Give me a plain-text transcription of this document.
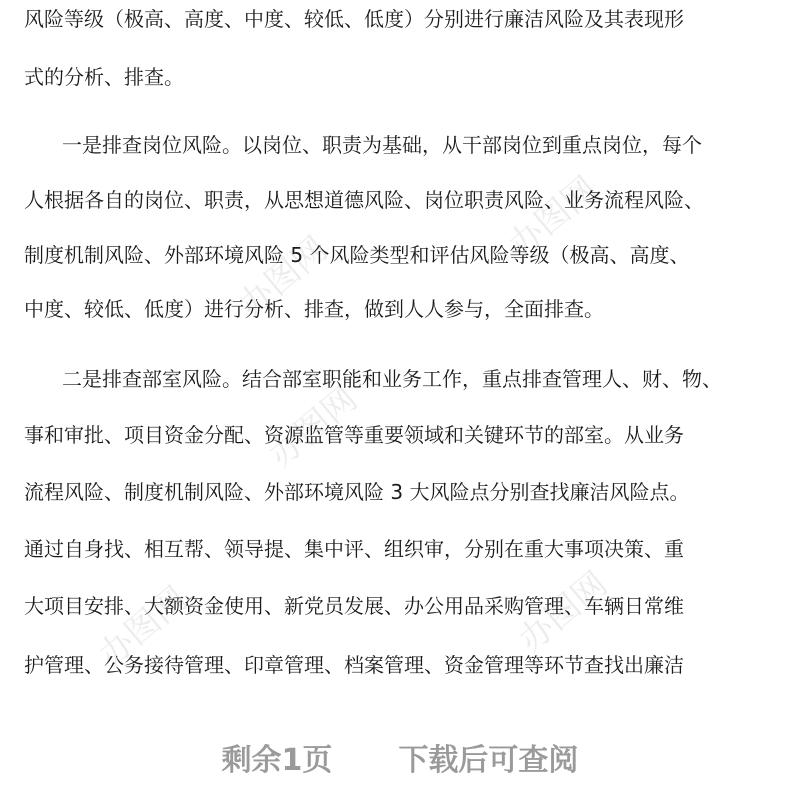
办图网
办图网
办图网
办图网
办图网
风险等级（极高、高度、中度、较低、低度）分别进行廉洁风险及其表现形
式的分析、排查。
一是排查岗位风险。以岗位、职责为基础，从干部岗位到重点岗位，每个
人根据各自的岗位、职责，从思想道德风险、岗位职责风险、业务流程风险、
制度机制风险、外部环境风险 5 个风险类型和评估风险等级（极高、高度、
中度、较低、低度）进行分析、排查，做到人人参与，全面排查。
二是排查部室风险。结合部室职能和业务工作，重点排查管理人、财、物、
事和审批、项目资金分配、资源监管等重要领域和关键环节的部室。从业务
流程风险、制度机制风险、外部环境风险 3 大风险点分别查找廉洁风险点。
通过自身找、相互帮、领导提、集中评、组织审，分别在重大事项决策、重
大项目安排、大额资金使用、新党员发展、办公用品采购管理、车辆日常维
护管理、公务接待管理、印章管理、档案管理、资金管理等环节查找出廉洁
剩余1页 下载后可查阅
